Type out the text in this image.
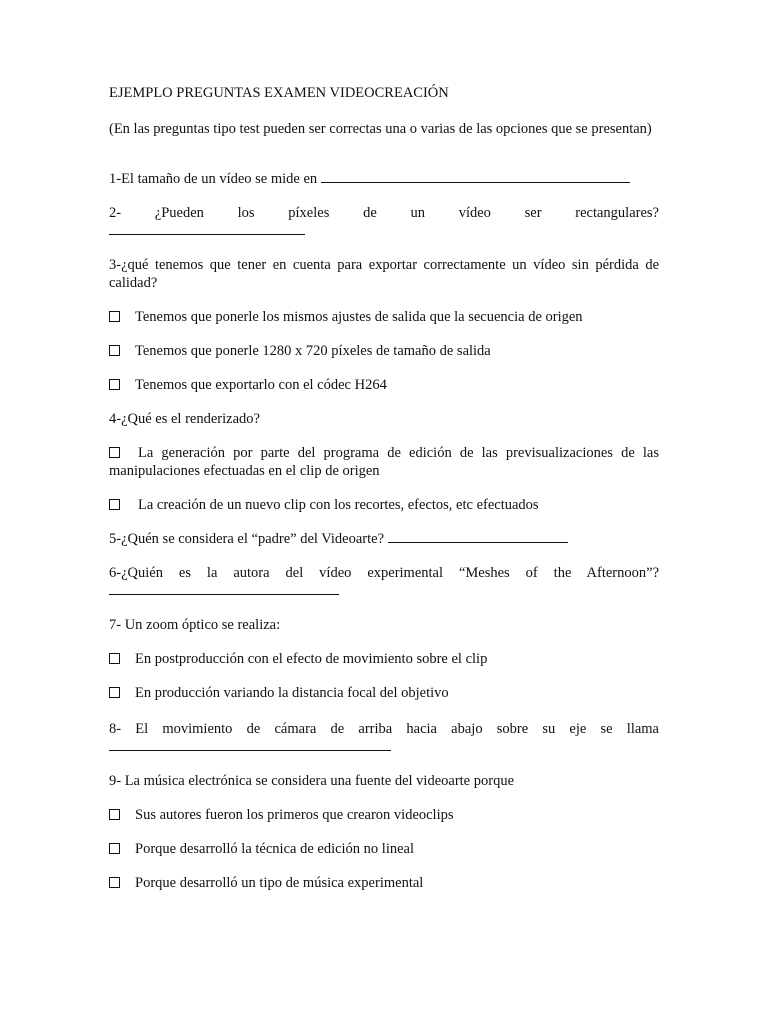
EJEMPLO PREGUNTAS EXAMEN VIDEOCREACIÓN
(En las preguntas tipo test pueden ser correctas una o varias de las opciones que se presentan)
1-El tamaño de un vídeo se mide en
2- ¿Pueden los píxeles de un vídeo ser rectangulares?
3-¿qué tenemos que tener en cuenta para exportar correctamente un vídeo sin pérdida de calidad?
Tenemos que ponerle los mismos ajustes de salida que la secuencia de origen
Tenemos que ponerle 1280 x 720 píxeles de tamaño de salida
Tenemos que exportarlo con el códec H264
4-¿Qué es el renderizado?
La generación por parte del programa de edición de las previsualizaciones de las manipulaciones efectuadas en el clip de origen
La creación de un nuevo clip con los recortes, efectos, etc efectuados
5-¿Quén se considera el “padre” del Videoarte?
6-¿Quién es la autora del vídeo experimental “Meshes of the Afternoon”?
7- Un zoom óptico se realiza:
En postproducción con el efecto de movimiento sobre el clip
En producción variando la distancia focal del objetivo
8- El movimiento de cámara de arriba hacia abajo sobre su eje se llama
9- La música electrónica se considera una fuente del videoarte porque
Sus autores fueron los primeros que crearon videoclips
Porque desarrolló la técnica de edición no lineal
Porque desarrolló un tipo de música experimental
